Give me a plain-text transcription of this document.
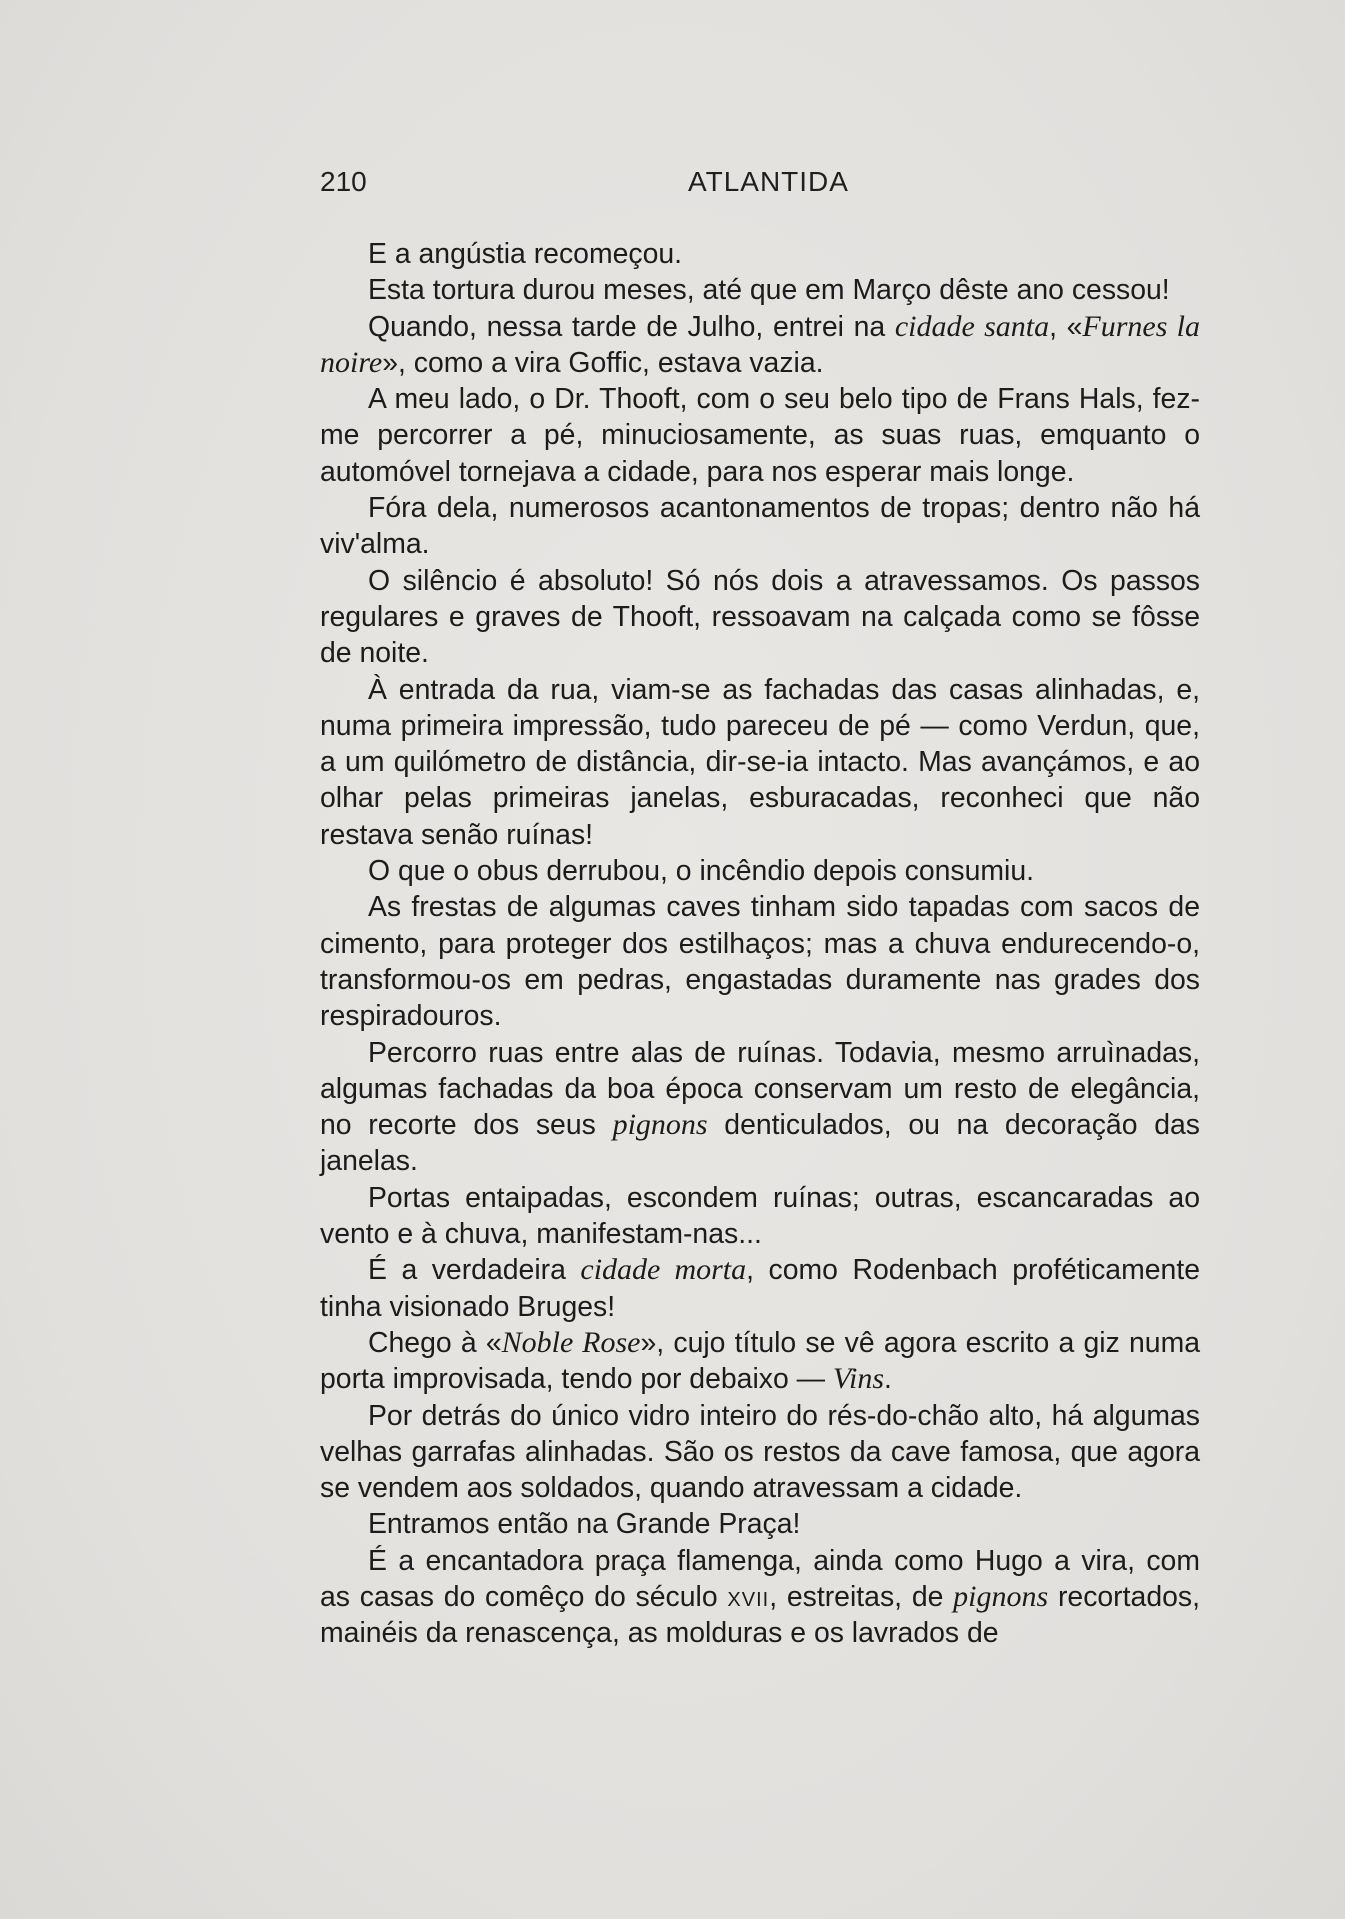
210	ATLANTIDA

E a angústia recomeçou.

Esta tortura durou meses, até que em Março dêste ano cessou!

Quando, nessa tarde de Julho, entrei na cidade santa, «Furnes la noire», como a vira Goffic, estava vazia.

A meu lado, o Dr. Thooft, com o seu belo tipo de Frans Hals, fez-me percorrer a pé, minuciosamente, as suas ruas, emquanto o automóvel tornejava a cidade, para nos esperar mais longe.

Fóra dela, numerosos acantonamentos de tropas; dentro não há viv'alma.

O silêncio é absoluto! Só nós dois a atravessamos. Os passos regulares e graves de Thooft, ressoavam na calçada como se fôsse de noite.

À entrada da rua, viam-se as fachadas das casas alinhadas, e, numa primeira impressão, tudo pareceu de pé — como Verdun, que, a um quilómetro de distância, dir-se-ia intacto. Mas avançámos, e ao olhar pelas primeiras janelas, esburacadas, reconheci que não restava senão ruínas!

O que o obus derrubou, o incêndio depois consumiu.

As frestas de algumas caves tinham sido tapadas com sacos de cimento, para proteger dos estilhaços; mas a chuva endurecendo-o, transformou-os em pedras, engastadas duramente nas grades dos respiradouros.

Percorro ruas entre alas de ruínas. Todavia, mesmo arruìnadas, algumas fachadas da boa época conservam um resto de elegância, no recorte dos seus pignons denticulados, ou na decoração das janelas.

Portas entaipadas, escondem ruínas; outras, escancaradas ao vento e à chuva, manifestam-nas...

É a verdadeira cidade morta, como Rodenbach proféticamente tinha visionado Bruges!

Chego à «Noble Rose», cujo título se vê agora escrito a giz numa porta improvisada, tendo por debaixo — Vins.

Por detrás do único vidro inteiro do rés-do-chão alto, há algumas velhas garrafas alinhadas. São os restos da cave famosa, que agora se vendem aos soldados, quando atravessam a cidade.

Entramos então na Grande Praça!

É a encantadora praça flamenga, ainda como Hugo a vira, com as casas do comêço do século xvii, estreitas, de pignons recortados, mainéis da renascença, as molduras e os lavrados de
